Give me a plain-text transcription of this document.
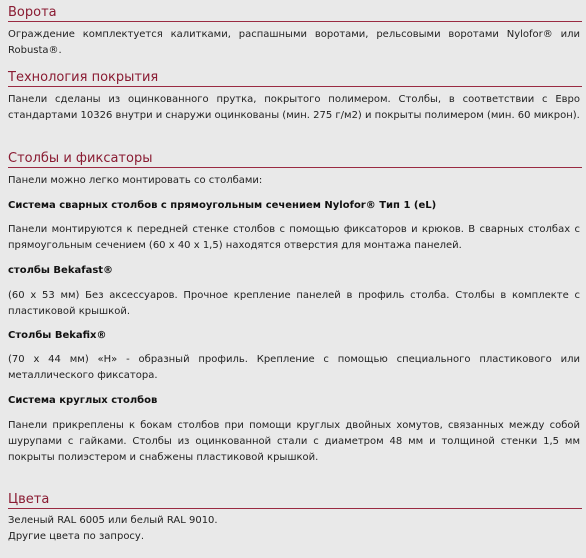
Ворота

Ограждение комплектуется калитками, распашными воротами, рельсовыми воротами Nylofor® или Robusta®.

Технология покрытия

Панели сделаны из оцинкованного прутка, покрытого полимером. Столбы, в соответствии с Евро стандартами 10326 внутри и снаружи оцинкованы (мин. 275 г/м2) и покрыты полимером (мин. 60 микрон).

Столбы и фиксаторы

Панели можно легко монтировать со столбами:

Система сварных столбов с прямоугольным сечением Nylofor® Тип 1 (eL)

Панели монтируются к передней стенке столбов с помощью фиксаторов и крюков. В сварных столбах с прямоугольным сечением (60 x 40 x 1,5) находятся отверстия для монтажа панелей.

столбы Bekafast®

(60 x 53 мм) Без аксессуаров. Прочное крепление панелей в профиль столба. Столбы в комплекте с пластиковой крышкой.

Столбы Bekafix®

(70 x 44 мм) «H» - образный профиль. Крепление с помощью специального пластикового или металлического фиксатора.

Система круглых столбов

Панели прикреплены к бокам столбов при помощи круглых двойных хомутов, связанных между собой шурупами с гайками. Столбы из оцинкованной стали с диаметром 48 мм и толщиной стенки 1,5 мм покрыты полиэстером и снабжены пластиковой крышкой.

Цвета

Зеленый RAL 6005 или белый RAL 9010.

Другие цвета по запросу.
